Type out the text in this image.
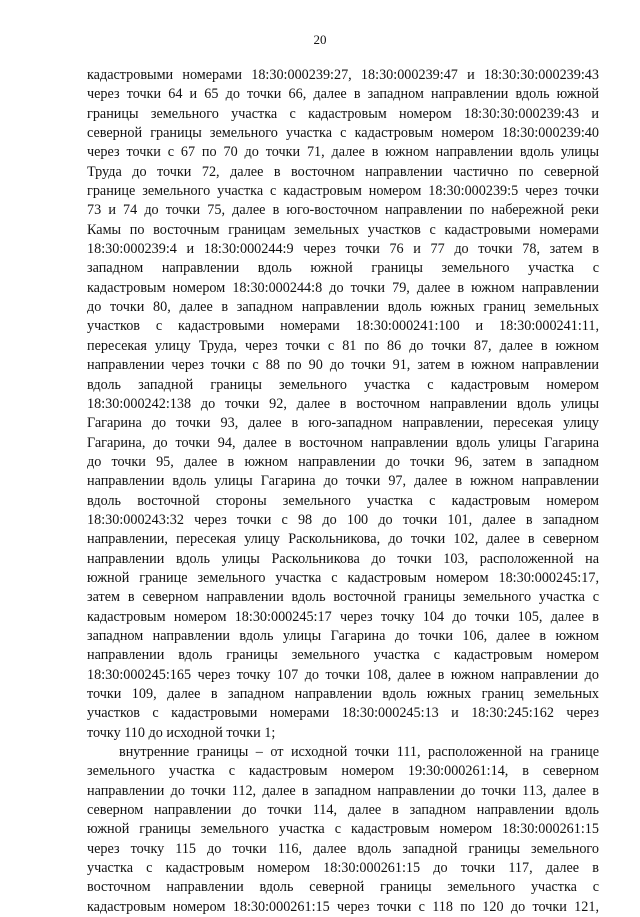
20
кадастровыми номерами 18:30:000239:27, 18:30:000239:47 и 18:30:30:000239:43
через точки 64 и 65 до точки 66, далее в западном направлении вдоль южной
границы земельного участка с кадастровым номером 18:30:30:000239:43 и
северной границы земельного участка с кадастровым номером 18:30:000239:40
через точки с 67 по 70 до точки 71, далее в южном направлении вдоль улицы
Труда до точки 72, далее в восточном направлении частично по северной
границе земельного участка с кадастровым номером 18:30:000239:5 через точки
73 и 74 до точки 75, далее в юго-восточном направлении по набережной реки
Камы по восточным границам земельных участков с кадастровыми номерами
18:30:000239:4 и 18:30:000244:9 через точки 76 и 77 до точки 78, затем в
западном направлении вдоль южной границы земельного участка с
кадастровым номером 18:30:000244:8 до точки 79, далее в южном направлении
до точки 80, далее в западном направлении вдоль южных границ земельных
участков с кадастровыми номерами 18:30:000241:100 и 18:30:000241:11,
пересекая улицу Труда, через точки с 81 по 86 до точки 87, далее в южном
направлении через точки с 88 по 90 до точки 91, затем в южном направлении
вдоль западной границы земельного участка с кадастровым номером
18:30:000242:138 до точки 92, далее в восточном направлении вдоль улицы
Гагарина до точки 93, далее в юго-западном направлении, пересекая улицу
Гагарина, до точки 94, далее в восточном направлении вдоль улицы Гагарина
до точки 95, далее в южном направлении до точки 96, затем в западном
направлении вдоль улицы Гагарина до точки 97, далее в южном направлении
вдоль восточной стороны земельного участка с кадастровым номером
18:30:000243:32 через точки с 98 до 100 до точки 101, далее в западном
направлении, пересекая улицу Раскольникова, до точки 102, далее в северном
направлении вдоль улицы Раскольникова до точки 103, расположенной на
южной границе земельного участка с кадастровым номером 18:30:000245:17,
затем в северном направлении вдоль восточной границы земельного участка с
кадастровым номером 18:30:000245:17 через точку 104 до точки 105, далее в
западном направлении вдоль улицы Гагарина до точки 106, далее в южном
направлении вдоль границы земельного участка с кадастровым номером
18:30:000245:165 через точку 107 до точки 108, далее в южном направлении до
точки 109, далее в западном направлении вдоль южных границ земельных
участков с кадастровыми номерами 18:30:000245:13 и 18:30:245:162 через
точку 110 до исходной точки 1;
внутренние границы – от исходной точки 111, расположенной на границе
земельного участка с кадастровым номером 19:30:000261:14, в северном
направлении до точки 112, далее в западном направлении до точки 113, далее в
северном направлении до точки 114, далее в западном направлении вдоль
южной границы земельного участка с кадастровым номером 18:30:000261:15
через точку 115 до точки 116, далее вдоль западной границы земельного
участка с кадастровым номером 18:30:000261:15 до точки 117, далее в
восточном направлении вдоль северной границы земельного участка с
кадастровым номером 18:30:000261:15 через точки с 118 по 120 до точки 121,
